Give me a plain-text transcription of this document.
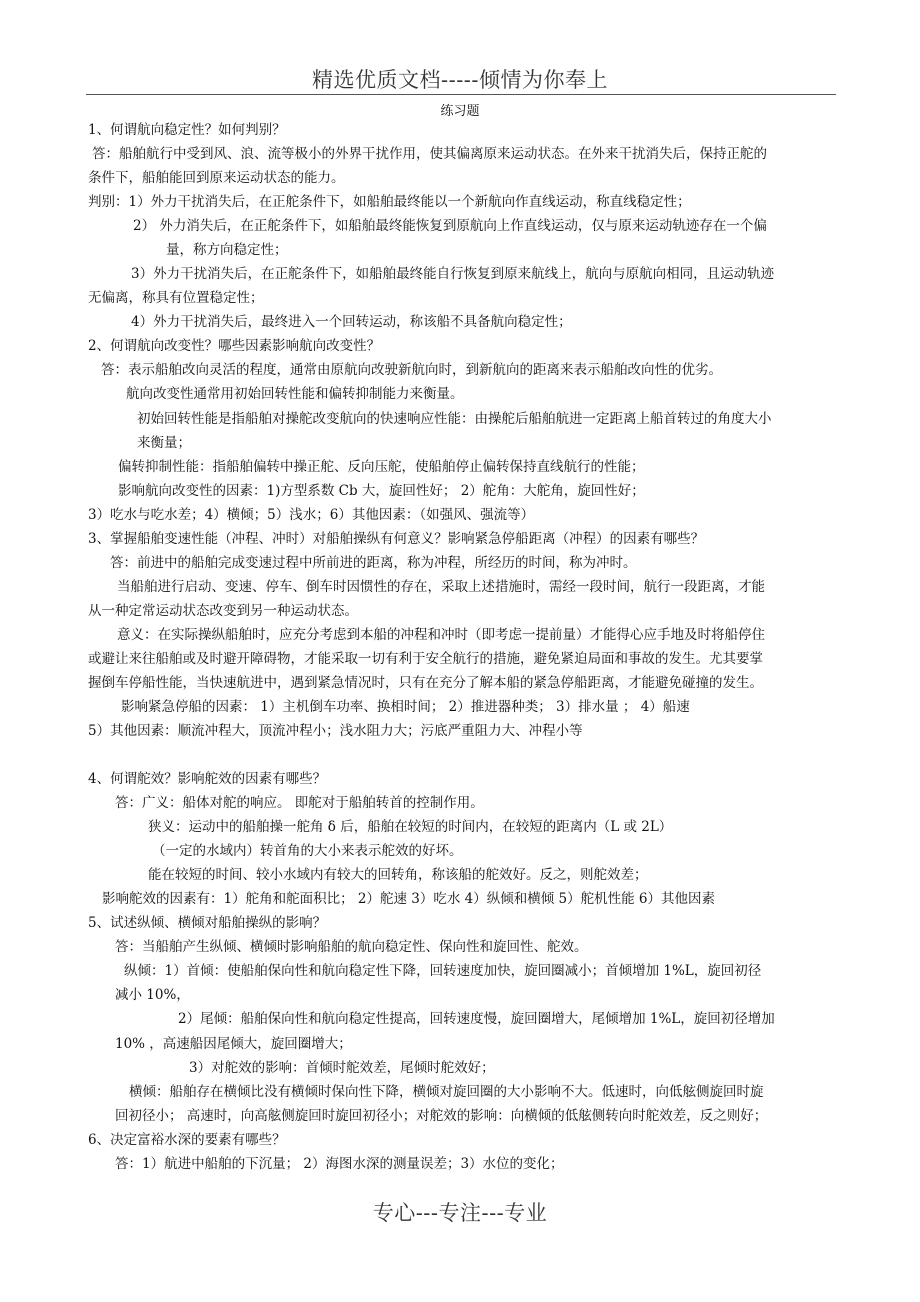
精选优质文档-----倾情为你奉上
练习题
1、何谓航向稳定性？如何判别？
答：船舶航行中受到风、浪、流等极小的外界干扰作用，使其偏离原来运动状态。在外来干扰消失后，保持正舵的
条件下，船舶能回到原来运动状态的能力。
判别：1）外力干扰消失后，在正舵条件下，如船舶最终能以一个新航向作直线运动，称直线稳定性；
2） 外力消失后，在正舵条件下，如船舶最终能恢复到原航向上作直线运动，仅与原来运动轨迹存在一个偏
量，称方向稳定性；
3）外力干扰消失后，在正舵条件下，如船舶最终能自行恢复到原来航线上，航向与原航向相同，且运动轨迹
无偏离，称具有位置稳定性；
4）外力干扰消失后，最终进入一个回转运动，称该船不具备航向稳定性；
2、何谓航向改变性？哪些因素影响航向改变性？
答：表示船舶改向灵活的程度，通常由原航向改驶新航向时，到新航向的距离来表示船舶改向性的优劣。
航向改变性通常用初始回转性能和偏转抑制能力来衡量。
初始回转性能是指船舶对操舵改变航向的快速响应性能：由操舵后船舶航进一定距离上船首转过的角度大小
来衡量；
偏转抑制性能：指船舶偏转中操正舵、反向压舵，使船舶停止偏转保持直线航行的性能；
影响航向改变性的因素：1)方型系数 Cb 大，旋回性好； 2）舵角：大舵角，旋回性好；
3）吃水与吃水差；4）横倾；5）浅水；6）其他因素：（如强风、强流等）
3、掌握船舶变速性能（冲程、冲时）对船舶操纵有何意义？影响紧急停船距离（冲程）的因素有哪些？
答：前进中的船舶完成变速过程中所前进的距离，称为冲程，所经历的时间，称为冲时。
当船舶进行启动、变速、停车、倒车时因惯性的存在，采取上述措施时，需经一段时间，航行一段距离，才能
从一种定常运动状态改变到另一种运动状态。
意义：在实际操纵船舶时，应充分考虑到本船的冲程和冲时（即考虑一提前量）才能得心应手地及时将船停住
或避让来往船舶或及时避开障碍物，才能采取一切有利于安全航行的措施，避免紧迫局面和事故的发生。尤其要掌
握倒车停船性能，当快速航进中，遇到紧急情况时，只有在充分了解本船的紧急停船距离，才能避免碰撞的发生。
影响紧急停船的因素： 1）主机倒车功率、换相时间； 2）推进器种类； 3）排水量 ； 4）船速
5）其他因素：顺流冲程大，顶流冲程小；浅水阻力大；污底严重阻力大、冲程小等
4、何谓舵效？影响舵效的因素有哪些？
答：广义：船体对舵的响应。 即舵对于船舶转首的控制作用。
狭义：运动中的船舶操一舵角 δ 后，船舶在较短的时间内，在较短的距离内（L 或 2L）
（一定的水域内）转首角的大小来表示舵效的好坏。
能在较短的时间、较小水域内有较大的回转角，称该船的舵效好。反之，则舵效差；
影响舵效的因素有：1）舵角和舵面积比； 2）舵速 3）吃水 4）纵倾和横倾 5）舵机性能 6）其他因素
5、试述纵倾、横倾对船舶操纵的影响？
答：当船舶产生纵倾、横倾时影响船舶的航向稳定性、保向性和旋回性、舵效。
纵倾：1）首倾：使船舶保向性和航向稳定性下降，回转速度加快，旋回圈减小；首倾增加 1%L，旋回初径
减小 10%，
2）尾倾：船舶保向性和航向稳定性提高，回转速度慢，旋回圈增大，尾倾增加 1%L，旋回初径增加
10% ，高速船因尾倾大，旋回圈增大；
3）对舵效的影响：首倾时舵效差，尾倾时舵效好；
横倾：船舶存在横倾比没有横倾时保向性下降，横倾对旋回圈的大小影响不大。低速时，向低舷侧旋回时旋
回初径小； 高速时，向高舷侧旋回时旋回初径小；对舵效的影响：向横倾的低舷侧转向时舵效差，反之则好；
6、决定富裕水深的要素有哪些？
答：1）航进中船舶的下沉量； 2）海图水深的测量误差；3）水位的变化；
专心---专注---专业
